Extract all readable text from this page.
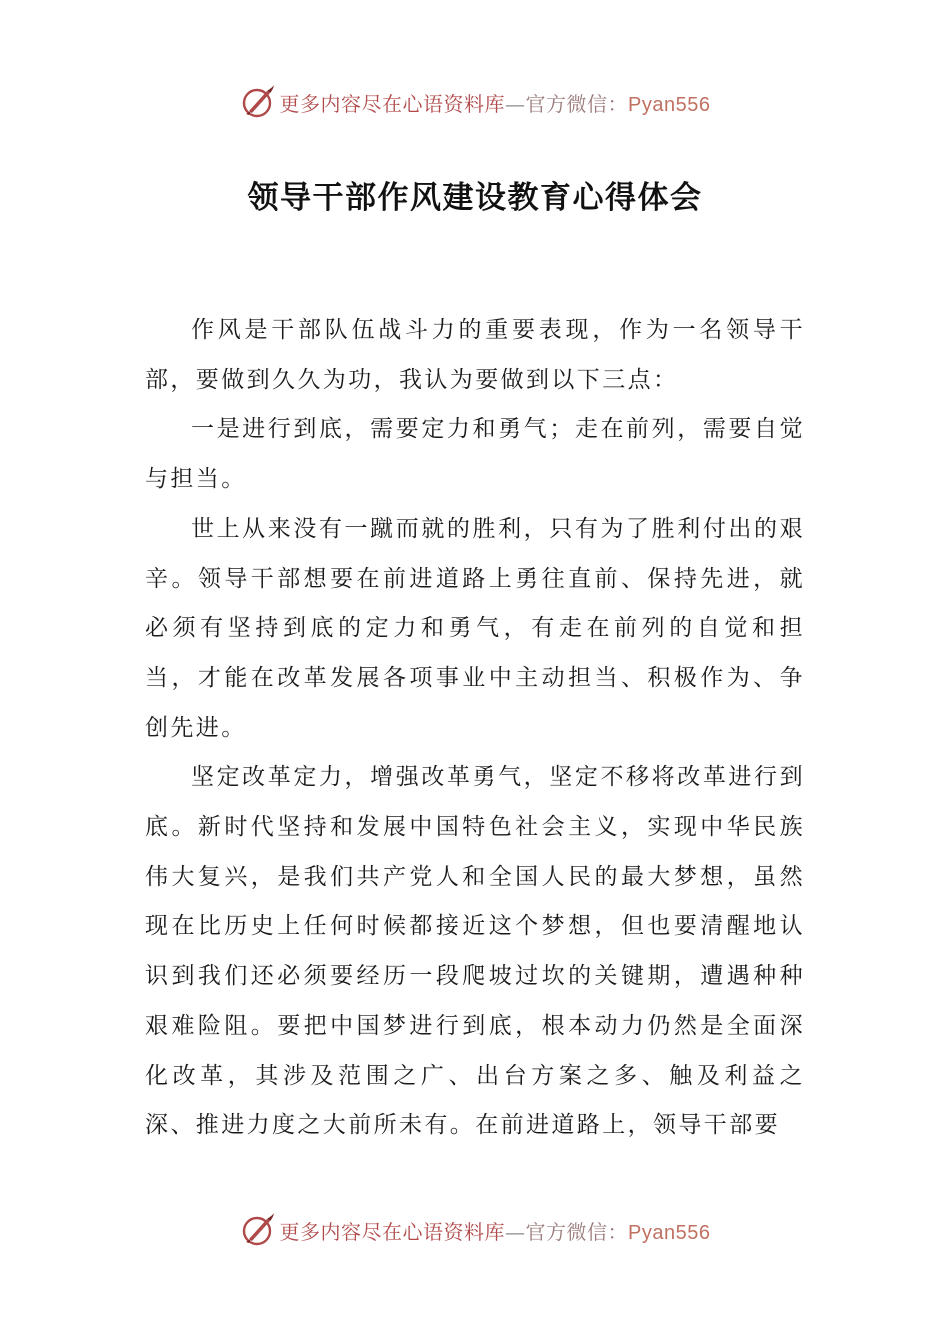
更多内容尽在心语资料库—官方微信：Pyan556
领导干部作风建设教育心得体会

作风是干部队伍战斗力的重要表现，作为一名领导干部，要做到久久为功，我认为要做到以下三点：

一是进行到底，需要定力和勇气；走在前列，需要自觉与担当。

世上从来没有一蹴而就的胜利，只有为了胜利付出的艰辛。领导干部想要在前进道路上勇往直前、保持先进，就必须有坚持到底的定力和勇气，有走在前列的自觉和担当，才能在改革发展各项事业中主动担当、积极作为、争创先进。

坚定改革定力，增强改革勇气，坚定不移将改革进行到底。新时代坚持和发展中国特色社会主义，实现中华民族伟大复兴，是我们共产党人和全国人民的最大梦想，虽然现在比历史上任何时候都接近这个梦想，但也要清醒地认识到我们还必须要经历一段爬坡过坎的关键期，遭遇种种艰难险阻。要把中国梦进行到底，根本动力仍然是全面深化改革，其涉及范围之广、出台方案之多、触及利益之深、推进力度之大前所未有。在前进道路上，领导干部要

更多内容尽在心语资料库—官方微信：Pyan556
